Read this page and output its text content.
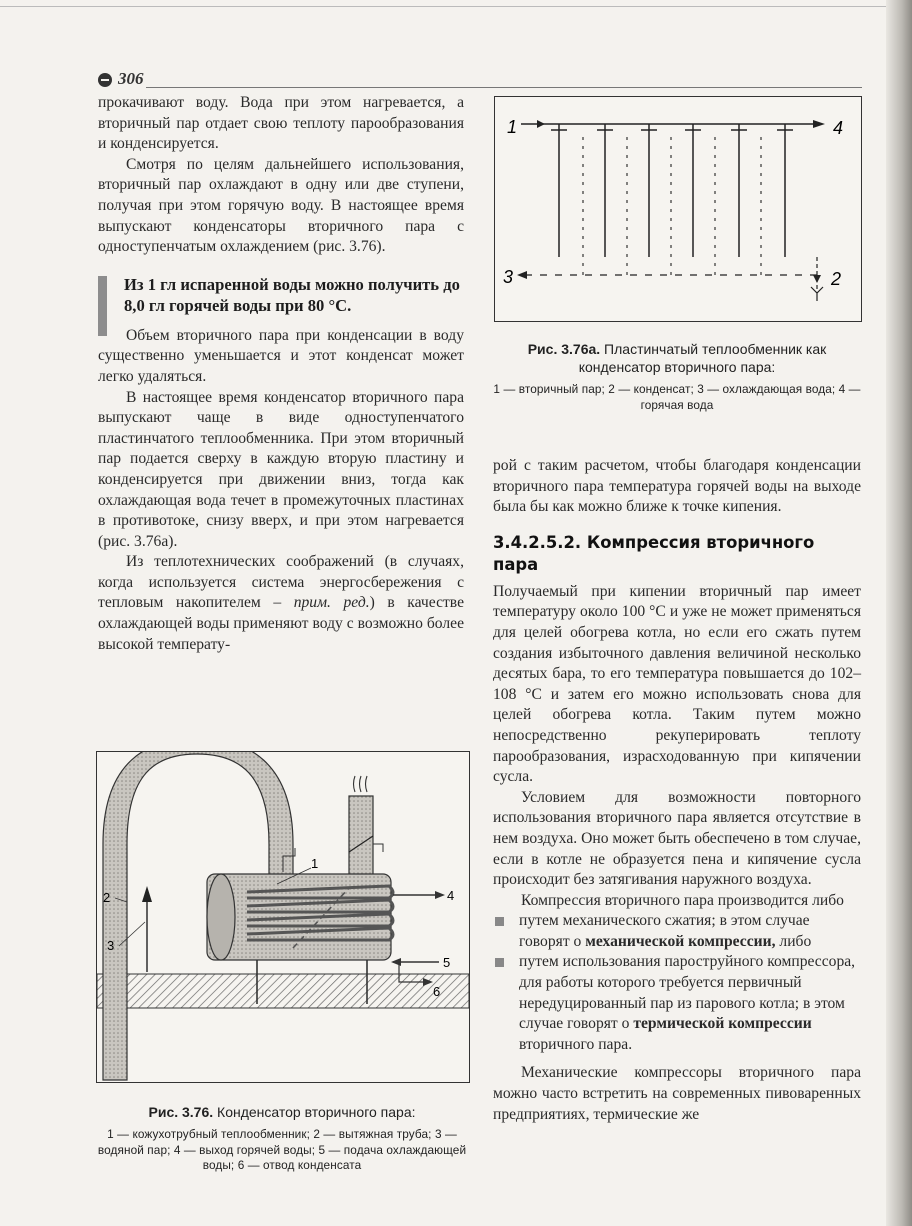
306

прокачивают воду. Вода при этом нагревается, а вторичный пар отдает свою теплоту парообразования и конденсируется.

Смотря по целям дальнейшего использования, вторичный пар охлаждают в одну или две ступени, получая при этом горячую воду. В настоящее время выпускают конденсаторы вторичного пара с одноступенчатым охлаждением (рис. 3.76).

Из 1 гл испаренной воды можно получить до 8,0 гл горячей воды при 80 °С.

Объем вторичного пара при конденсации в воду существенно уменьшается и этот конденсат может легко удаляться.

В настоящее время конденсатор вторичного пара выпускают чаще в виде одноступенчатого пластинчатого теплообменника. При этом вторичный пар подается сверху в каждую вторую пластину и конденсируется при движении вниз, тогда как охлаждающая вода течет в промежуточных пластинах в противотоке, снизу вверх, и при этом нагревается (рис. 3.76а).

Из теплотехнических соображений (в случаях, когда используется система энергосбережения с тепловым накопителем – прим. ред.) в качестве охлаждающей воды применяют воду с возможно более высокой температу-

1	4
3	2

Рис. 3.76а. Пластинчатый теплообменник как конденсатор вторичного пара:

1 — вторичный пар; 2 — конденсат; 3 — охлаждающая вода; 4 — горячая вода

рой с таким расчетом, чтобы благодаря конденсации вторичного пара температура горячей воды на выходе была бы как можно ближе к точке кипения.

3.4.2.5.2. Компрессия вторичного пара

Получаемый при кипении вторичный пар имеет температуру около 100 °С и уже не может применяться для целей обогрева котла, но если его сжать путем создания избыточного давления величиной несколько десятых бара, то его температура повышается до 102–108 °С и затем его можно использовать снова для целей обогрева котла. Таким путем можно непосредственно рекуперировать теплоту парообразования, израсходованную при кипячении сусла.

Условием для возможности повторного использования вторичного пара является отсутствие в нем воздуха. Оно может быть обеспечено в том случае, если в котле не образуется пена и кипячение сусла происходит без затягивания наружного воздуха.

Компрессия вторичного пара производится либо

путем механического сжатия; в этом случае говорят о механической компрессии, либо
путем использования пароструйного компрессора, для работы которого требуется первичный нередуцированный пар из парового котла; в этом случае говорят о термической компрессии вторичного пара.

Механические компрессоры вторичного пара можно часто встретить на современных пивоваренных предприятиях, термические же

1
2
3
4
5
6

Рис. 3.76. Конденсатор вторичного пара:

1 — кожухотрубный теплообменник; 2 — вытяжная труба; 3 — водяной пар; 4 — выход горячей воды; 5 — подача охлаждающей воды; 6 — отвод конденсата
